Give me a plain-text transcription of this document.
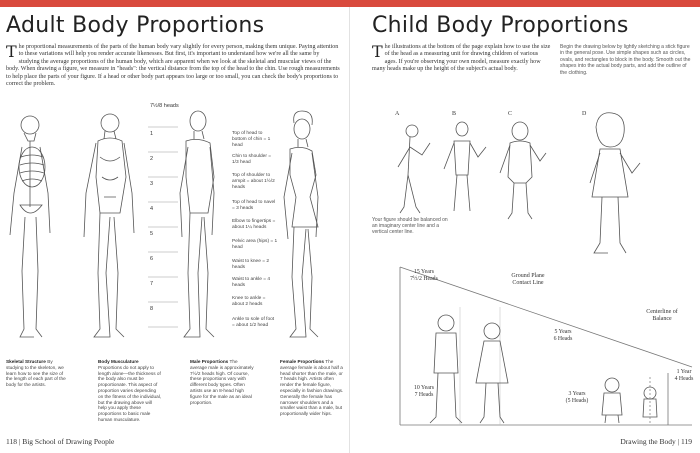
Adult Body Proportions

The proportional measurements of the parts of the human body vary slightly for every person, making them unique. Paying attention to these variations will help you render accurate likenesses. But first, it's important to understand how we're all the same by studying the average proportions of the human body, which are apparent when we look at the skeletal and muscular views of the body. When drawing a figure, we measure in "heads": the vertical distance from the top of the head to the chin. Use rough measurements to help place the parts of your figure. If a head or other body part appears too large or too small, you can check the body's proportions to correct the problem.

7½/8 heads
1
2
3
4
5
6
7
8
Top of head to bottom of chin = 1 head
Chin to shoulder = 1/3 head
Top of shoulder to armpit = about 1½/2 heads
Top of head to navel = 3 heads
Elbow to fingertips = about 1¼ heads
Pelvic area (hips) = 1 head
Waist to knee = 2 heads
Waist to ankle = 4 heads
Knee to ankle = about 2 heads
Ankle to sole of foot = about 1/2 head
Skeletal Structure By studying to the skeleton, we learn how to see the size of the length of each part of the body for the artists.
Body Musculature Proportions do not apply to length alone—the thickness of the body also must be proportionate. This aspect of proportion varies depending on the fitness of the individual, but the drawing above will help you apply these proportions to basic male human musculature.
Male Proportions The average male is approximately 7½/2 heads high. Of course, these proportions vary with different body types. Often artists use an 8-head high figure for the male as an ideal proportion.
Female Proportions The average female is about half a head shorter than the male, or 7 heads high. Artists often render the female figure, especially in fashion drawings. Generally the female has narrower shoulders and a smaller waist than a male, but proportionally wider hips.
118 | Big School of Drawing People
Child Body Proportions

The illustrations at the bottom of the page explain how to use the size of the head as a measuring unit for drawing children of various ages. If you're observing your own model, measure exactly how many heads make up the height of the subject's actual body.

Begin the drawing below by lightly sketching a stick figure in the general pose. Use simple shapes such as circles, ovals, and rectangles to block in the body. Smooth out the shapes into the actual body parts, and add the outline of the clothing.

A	B	C	D
Your figure should be balanced on an imaginary center line and a vertical center line.
Ground Plane Contact Line
Centerline of Balance
15 Years
7½/2 Heads
10 Years
7 Heads
5 Years
6 Heads
3 Years
(5 Heads)
1 Year
4 Heads
Drawing the Body | 119
